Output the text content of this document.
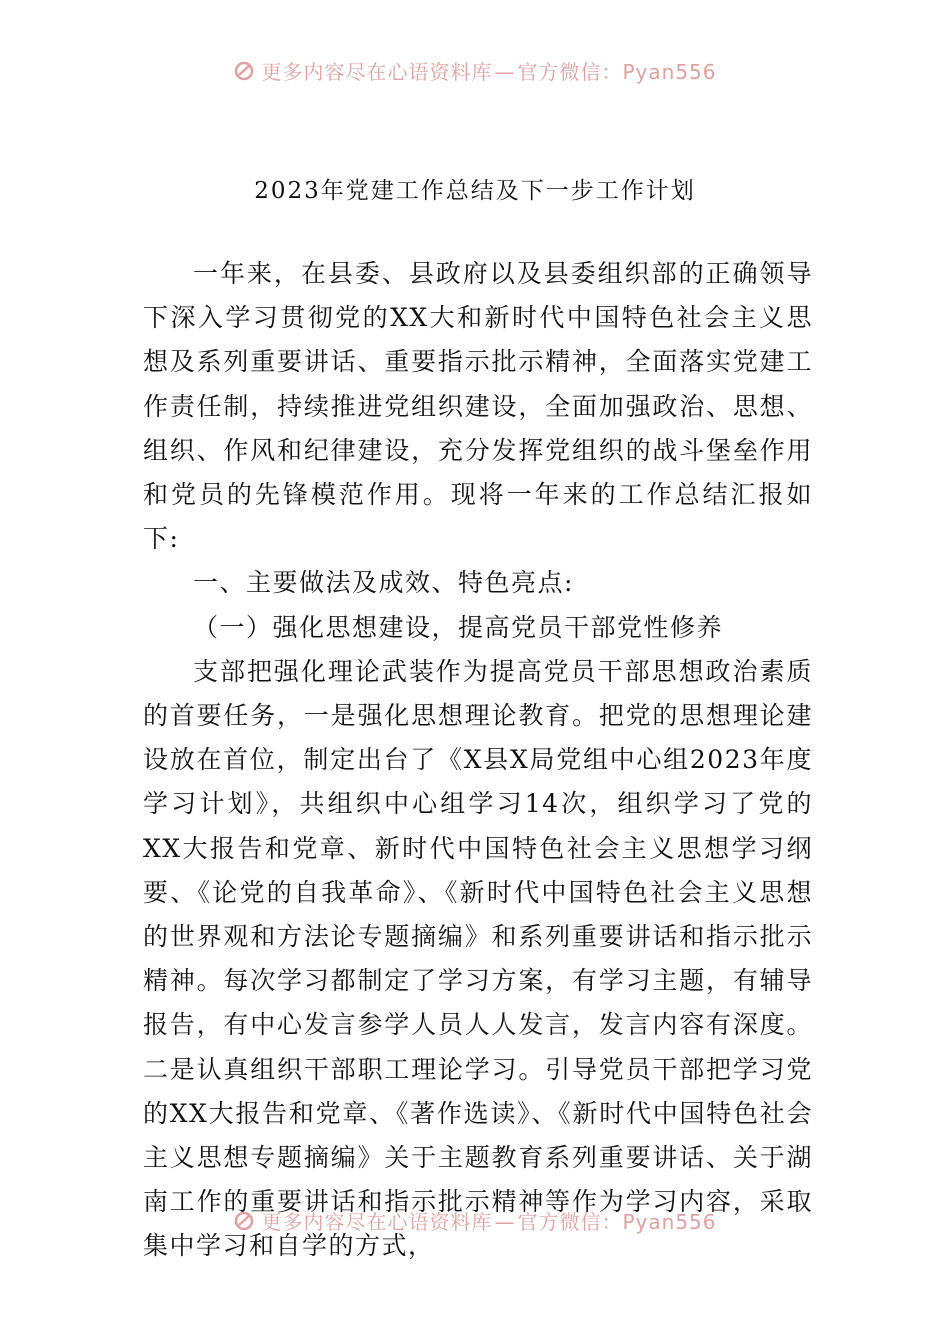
更多内容尽在心语资料库 — 官方微信：Pyan556
2023年党建工作总结及下一步工作计划

一年来，在县委、县政府以及县委组织部的正确领导下深入学习贯彻党的XX大和新时代中国特色社会主义思想及系列重要讲话、重要指示批示精神，全面落实党建工作责任制，持续推进党组织建设，全面加强政治、思想、组织、作风和纪律建设，充分发挥党组织的战斗堡垒作用和党员的先锋模范作用。现将一年来的工作总结汇报如下:

一、主要做法及成效、特色亮点:

（一）强化思想建设，提高党员干部党性修养

支部把强化理论武装作为提高党员干部思想政治素质的首要任务，一是强化思想理论教育。把党的思想理论建设放在首位，制定出台了《X县X局党组中心组2023年度学习计划》，共组织中心组学习14次，组织学习了党的XX大报告和党章、新时代中国特色社会主义思想学习纲要、《论党的自我革命》、《新时代中国特色社会主义思想的世界观和方法论专题摘编》和系列重要讲话和指示批示精神。每次学习都制定了学习方案，有学习主题，有辅导报告，有中心发言参学人员人人发言，发言内容有深度。二是认真组织干部职工理论学习。引导党员干部把学习党的XX大报告和党章、《著作选读》、《新时代中国特色社会主义思想专题摘编》关于主题教育系列重要讲话、关于湖南工作的重要讲话和指示批示精神等作为学习内容，采取集中学习和自学的方式，

更多内容尽在心语资料库 — 官方微信：Pyan556
